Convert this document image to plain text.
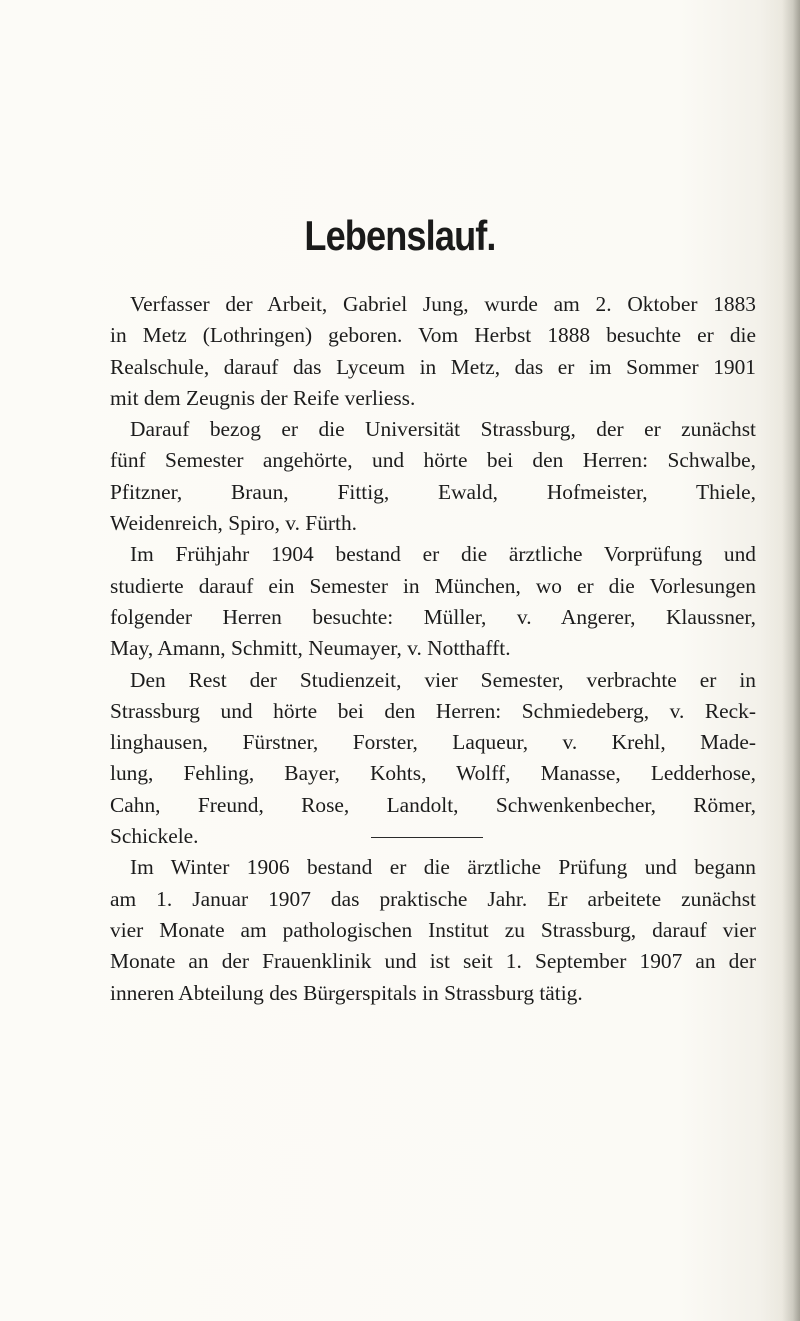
Lebenslauf.
Verfasser der Arbeit, Gabriel Jung, wurde am 2. Oktober 1883
in Metz (Lothringen) geboren. Vom Herbst 1888 besuchte er die
Realschule, darauf das Lyceum in Metz, das er im Sommer 1901
mit dem Zeugnis der Reife verliess.
Darauf bezog er die Universität Strassburg, der er zunächst
fünf Semester angehörte, und hörte bei den Herren: Schwalbe,
Pfitzner, Braun, Fittig, Ewald, Hofmeister, Thiele,
Weidenreich, Spiro, v. Fürth.
Im Frühjahr 1904 bestand er die ärztliche Vorprüfung und
studierte darauf ein Semester in München, wo er die Vorlesungen
folgender Herren besuchte: Müller, v. Angerer, Klaussner,
May, Amann, Schmitt, Neumayer, v. Notthafft.
Den Rest der Studienzeit, vier Semester, verbrachte er in
Strassburg und hörte bei den Herren: Schmiedeberg, v. Reck-
linghausen, Fürstner, Forster, Laqueur, v. Krehl, Made-
lung, Fehling, Bayer, Kohts, Wolff, Manasse, Ledderhose,
Cahn, Freund, Rose, Landolt, Schwenkenbecher, Römer,
Schickele.
Im Winter 1906 bestand er die ärztliche Prüfung und begann
am 1. Januar 1907 das praktische Jahr. Er arbeitete zunächst
vier Monate am pathologischen Institut zu Strassburg, darauf vier
Monate an der Frauenklinik und ist seit 1. September 1907 an der
inneren Abteilung des Bürgerspitals in Strassburg tätig.
